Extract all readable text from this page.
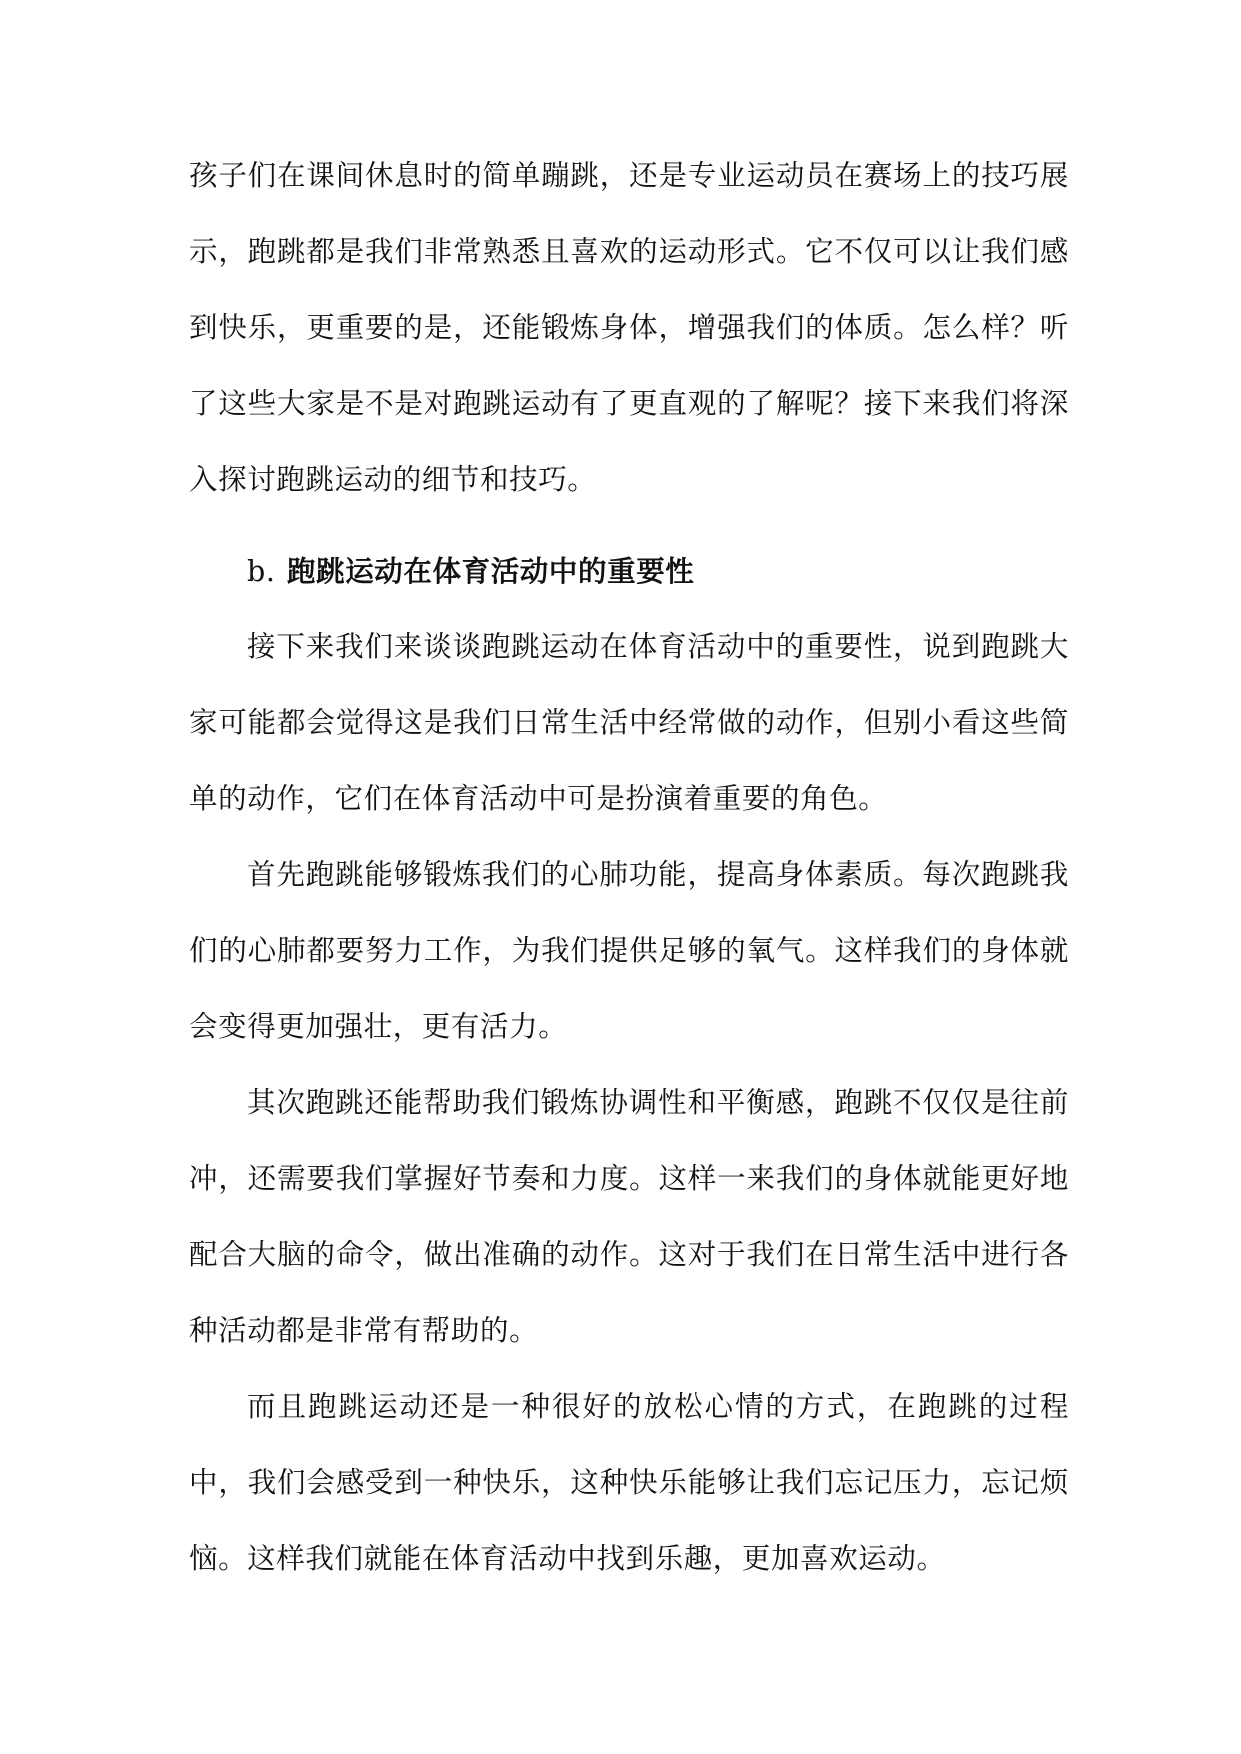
孩子们在课间休息时的简单蹦跳，还是专业运动员在赛场上的技巧展示，跑跳都是我们非常熟悉且喜欢的运动形式。它不仅可以让我们感到快乐，更重要的是，还能锻炼身体，增强我们的体质。怎么样？听了这些大家是不是对跑跳运动有了更直观的了解呢？接下来我们将深入探讨跑跳运动的细节和技巧。

b. 跑跳运动在体育活动中的重要性

接下来我们来谈谈跑跳运动在体育活动中的重要性，说到跑跳大家可能都会觉得这是我们日常生活中经常做的动作，但别小看这些简单的动作，它们在体育活动中可是扮演着重要的角色。

首先跑跳能够锻炼我们的心肺功能，提高身体素质。每次跑跳我们的心肺都要努力工作，为我们提供足够的氧气。这样我们的身体就会变得更加强壮，更有活力。

其次跑跳还能帮助我们锻炼协调性和平衡感，跑跳不仅仅是往前冲，还需要我们掌握好节奏和力度。这样一来我们的身体就能更好地配合大脑的命令，做出准确的动作。这对于我们在日常生活中进行各种活动都是非常有帮助的。

而且跑跳运动还是一种很好的放松心情的方式，在跑跳的过程中，我们会感受到一种快乐，这种快乐能够让我们忘记压力，忘记烦恼。这样我们就能在体育活动中找到乐趣，更加喜欢运动。
